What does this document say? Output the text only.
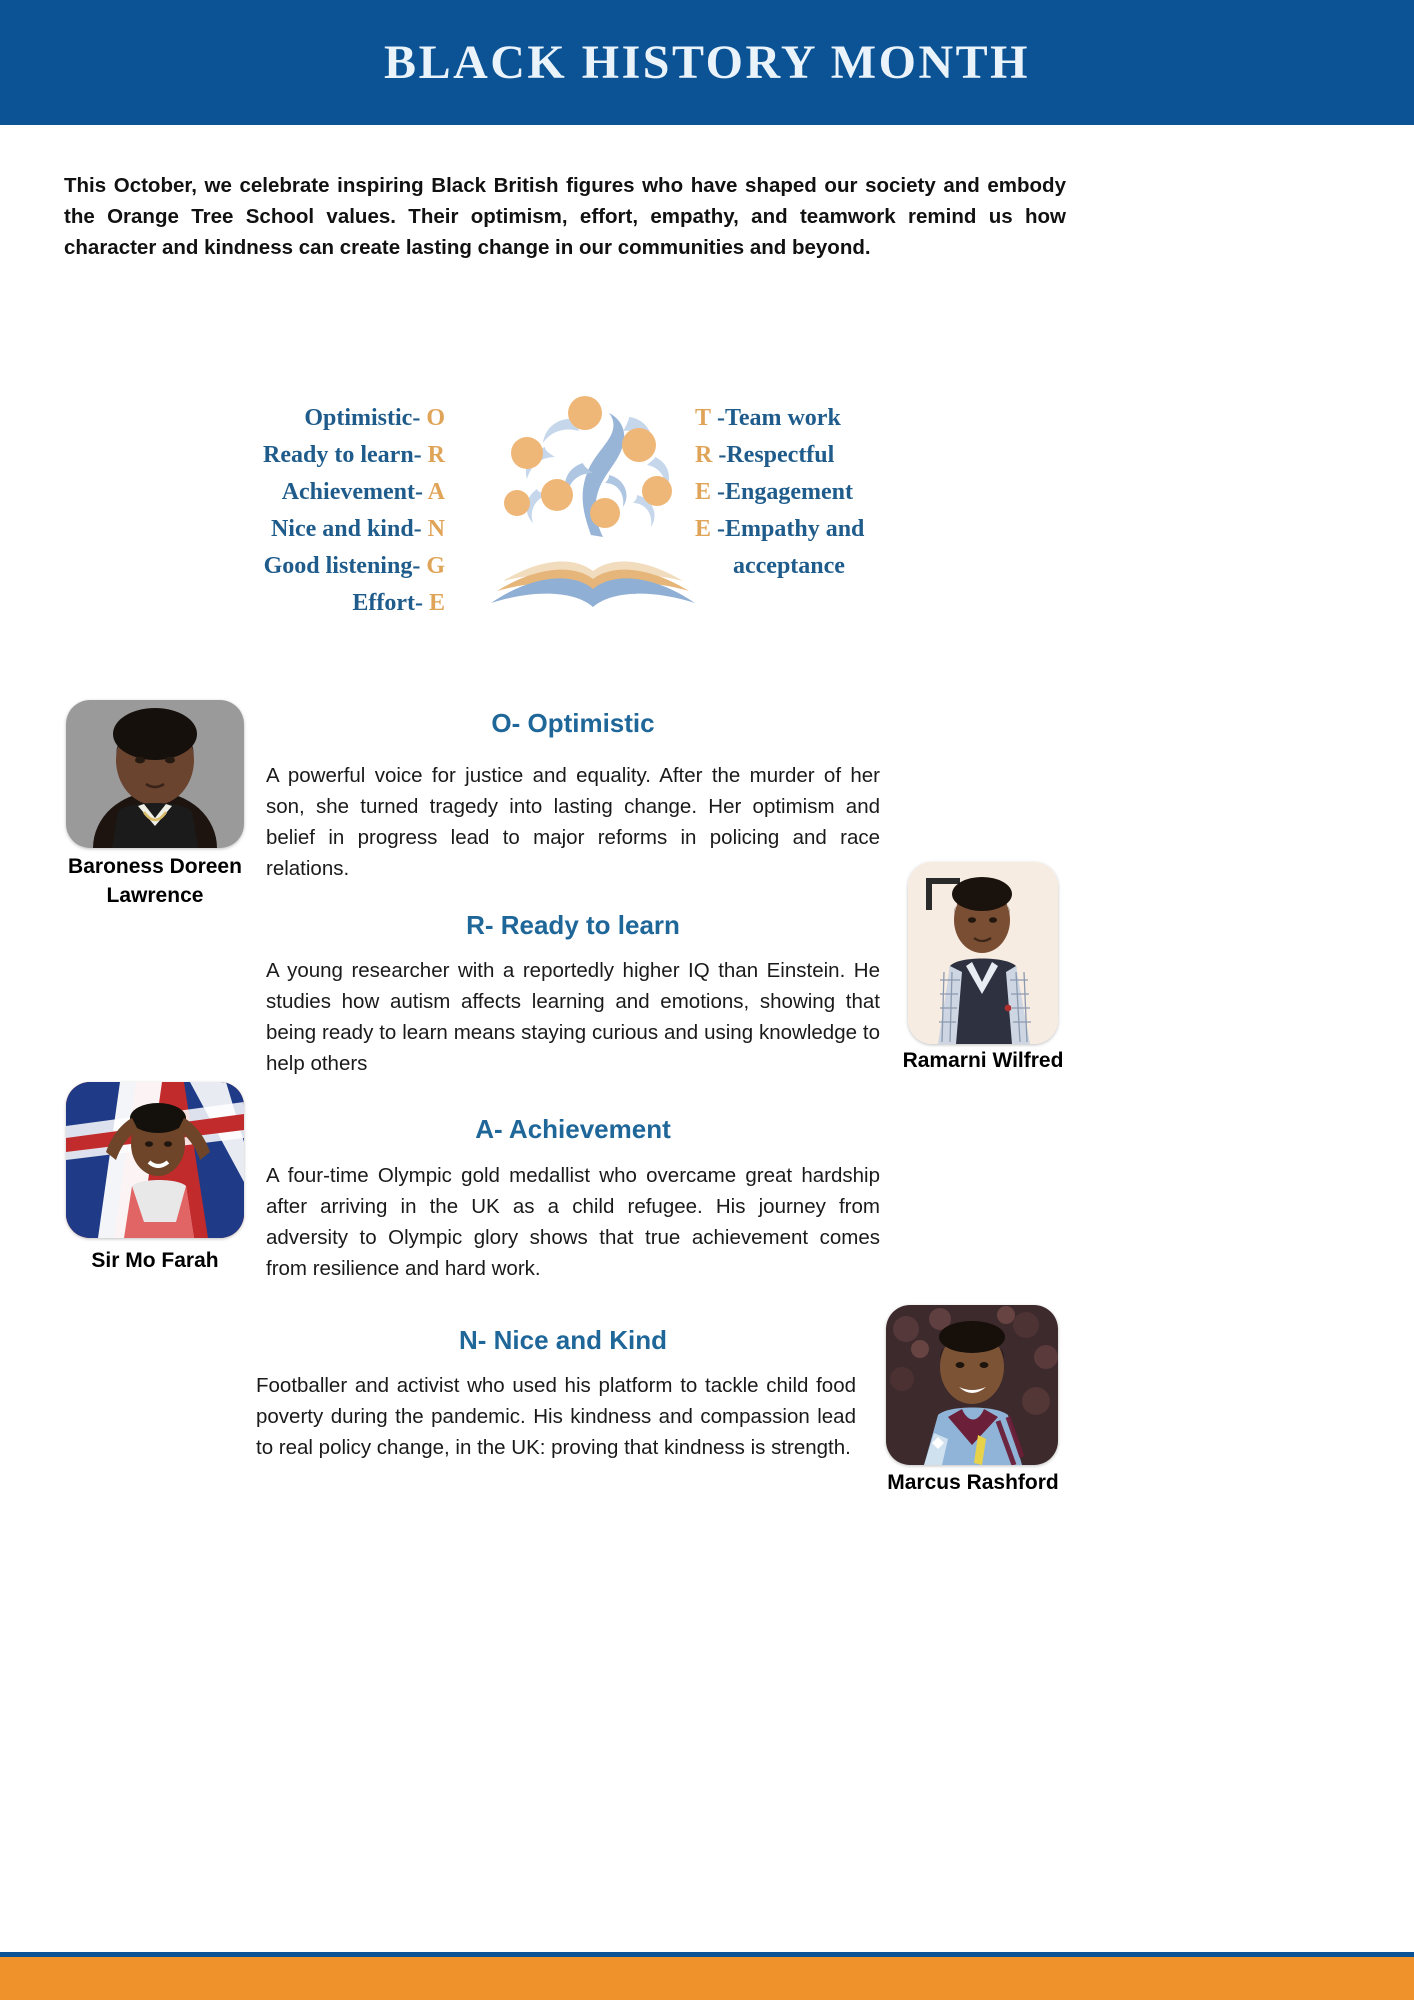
BLACK HISTORY MONTH
This October, we celebrate inspiring Black British figures who have shaped our society and embody the Orange Tree School values. Their optimism, effort, empathy, and teamwork remind us how character and kindness can create lasting change in our communities and beyond.
Optimistic- O
Ready to learn- R
Achievement- A
Nice and kind- N
Good listening- G
Effort- E
T -Team work
R -Respectful
E -Engagement
E -Empathy and
acceptance
Baroness Doreen Lawrence
O- Optimistic
A powerful voice for justice and equality. After the murder of her son, she turned tragedy into lasting change. Her optimism and belief in progress lead to major reforms in policing and race relations.
Ramarni Wilfred
R- Ready to learn
A young researcher with a reportedly higher IQ than Einstein. He studies how autism affects learning and emotions, showing that being ready to learn means staying curious and using knowledge to help others
Sir Mo Farah
A- Achievement
A four-time Olympic gold medallist who overcame great hardship after arriving in the UK as a child refugee. His journey from adversity to Olympic glory shows that true achievement comes from resilience and hard work.
Marcus Rashford
N- Nice and Kind
Footballer and activist who used his platform to tackle child food poverty during the pandemic. His kindness and compassion lead to real policy change, in the UK: proving that kindness is strength.
